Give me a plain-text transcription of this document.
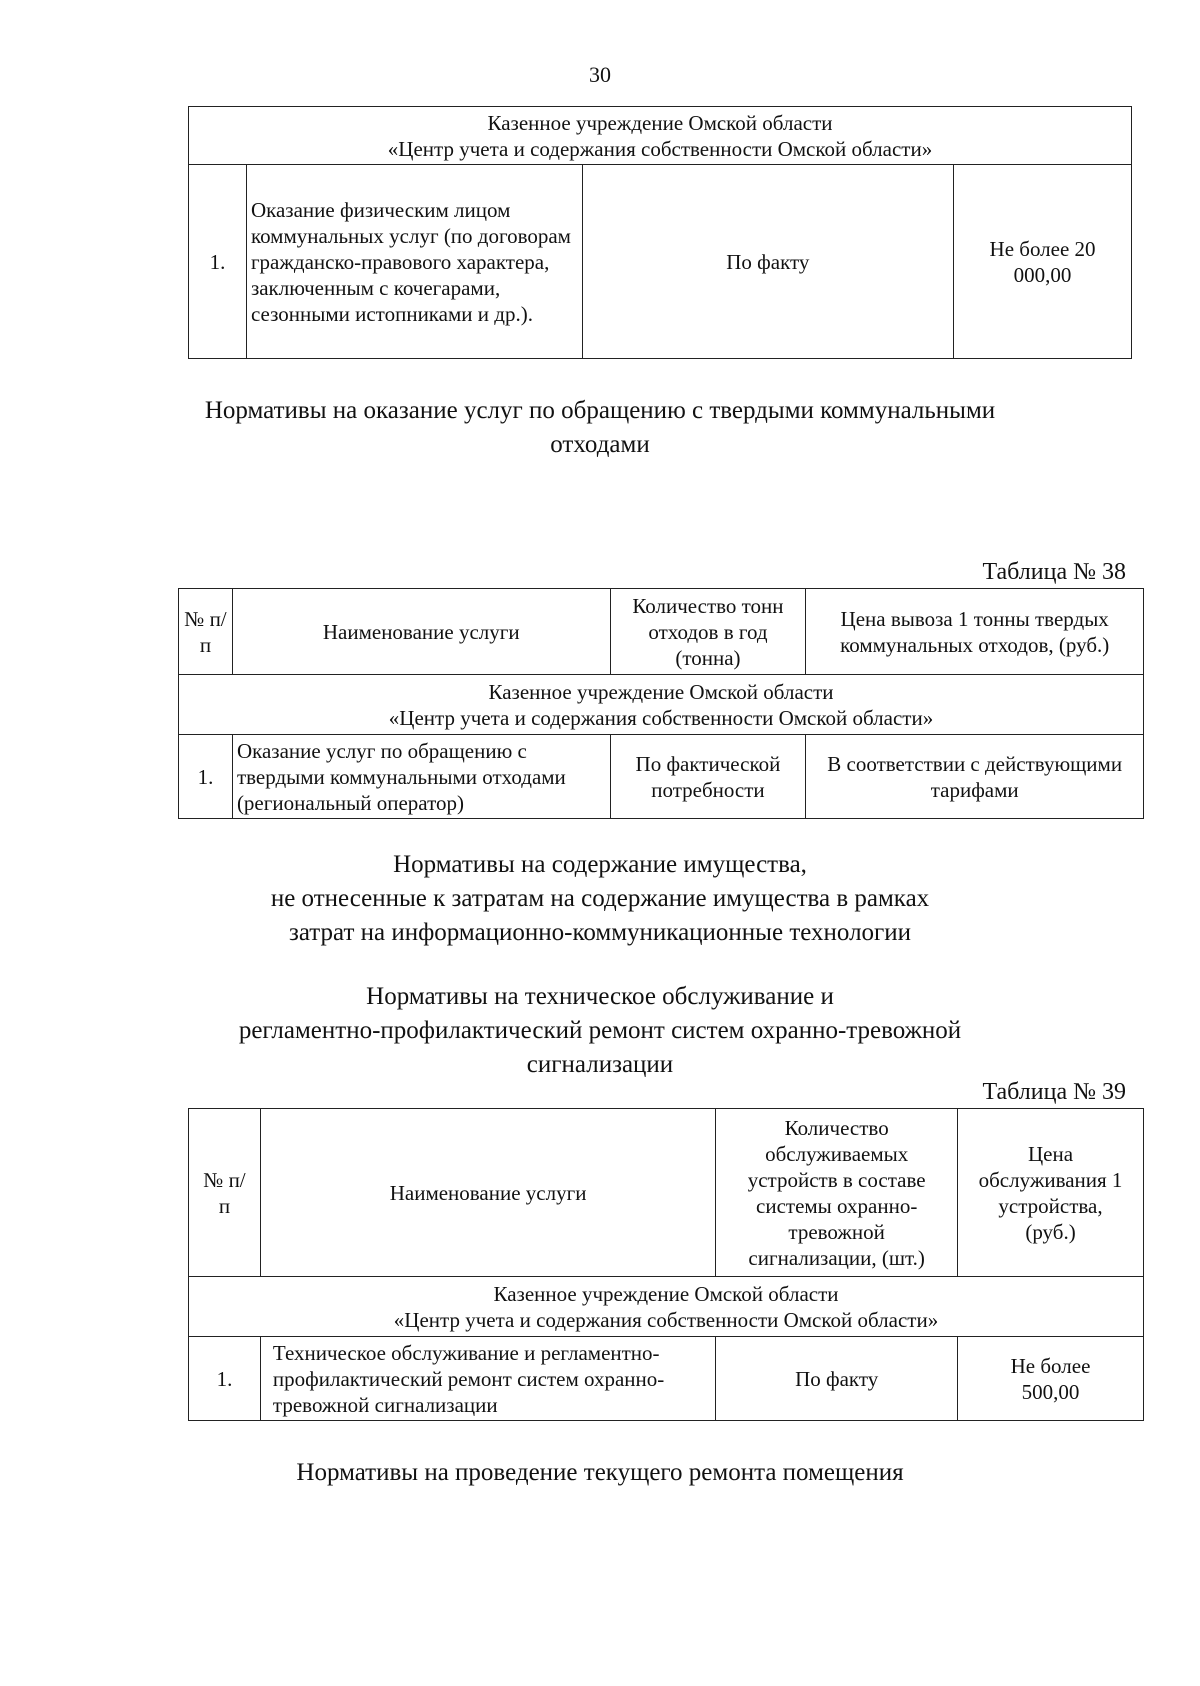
30
Казенное учреждение Омской области
«Центр учета и содержания собственности Омской области»

1.	Оказание физическим лицом коммунальных услуг (по договорам гражданско-правового характера, заключенным с кочегарами, сезонными истопниками и др.).	По факту	Не более 20 000,00
Нормативы на оказание услуг по обращению с твердыми коммунальными отходами
Таблица № 38
№ п/п	Наименование услуги	Количество тонн отходов в год (тонна)	Цена вывоза 1 тонны твердых коммунальных отходов, (руб.)

Казенное учреждение Омской области
«Центр учета и содержания собственности Омской области»			

1.	Оказание услуг по обращению с твердыми коммунальными отходами (региональный оператор)	По фактической потребности	В соответствии с действующими тарифами
Нормативы на содержание имущества,
не отнесенные к затратам на содержание имущества в рамках
затрат на информационно-коммуникационные технологии
Нормативы на техническое обслуживание и
регламентно-профилактический ремонт систем охранно-тревожной
сигнализации
Таблица № 39
№ п/п	Наименование услуги	Количество обслуживаемых устройств в составе системы охранно-тревожной сигнализации, (шт.)	Цена обслуживания 1 устройства, (руб.)

Казенное учреждение Омской области
«Центр учета и содержания собственности Омской области»			

1.	Техническое обслуживание и регламентно-профилактический ремонт систем охранно-тревожной сигнализации	По факту	Не более 500,00
Нормативы на проведение текущего ремонта помещения
